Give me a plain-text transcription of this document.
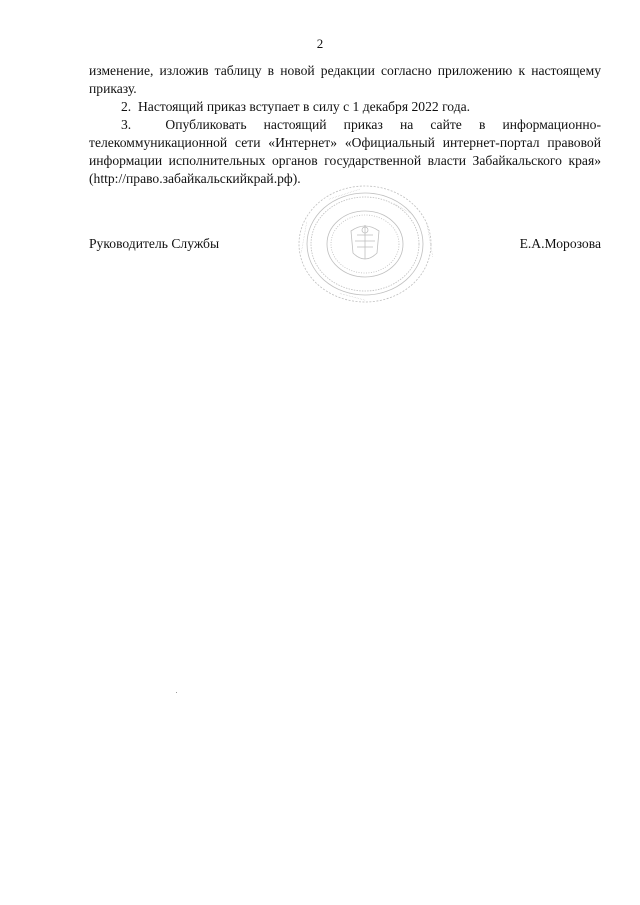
2

изменение, изложив таблицу в новой редакции согласно приложению к настоящему приказу.

2.  Настоящий приказ вступает в силу с 1 декабря 2022 года.

3.  Опубликовать настоящий приказ на сайте в информационно-телекоммуникационной сети «Интернет» «Официальный интернет-портал правовой информации исполнительных органов государственной власти Забайкальского края» (http://право.забайкальскийкрай.рф).

·····················
··············
····················	······················
·················
Руководитель Службы	Е.А.Морозова
